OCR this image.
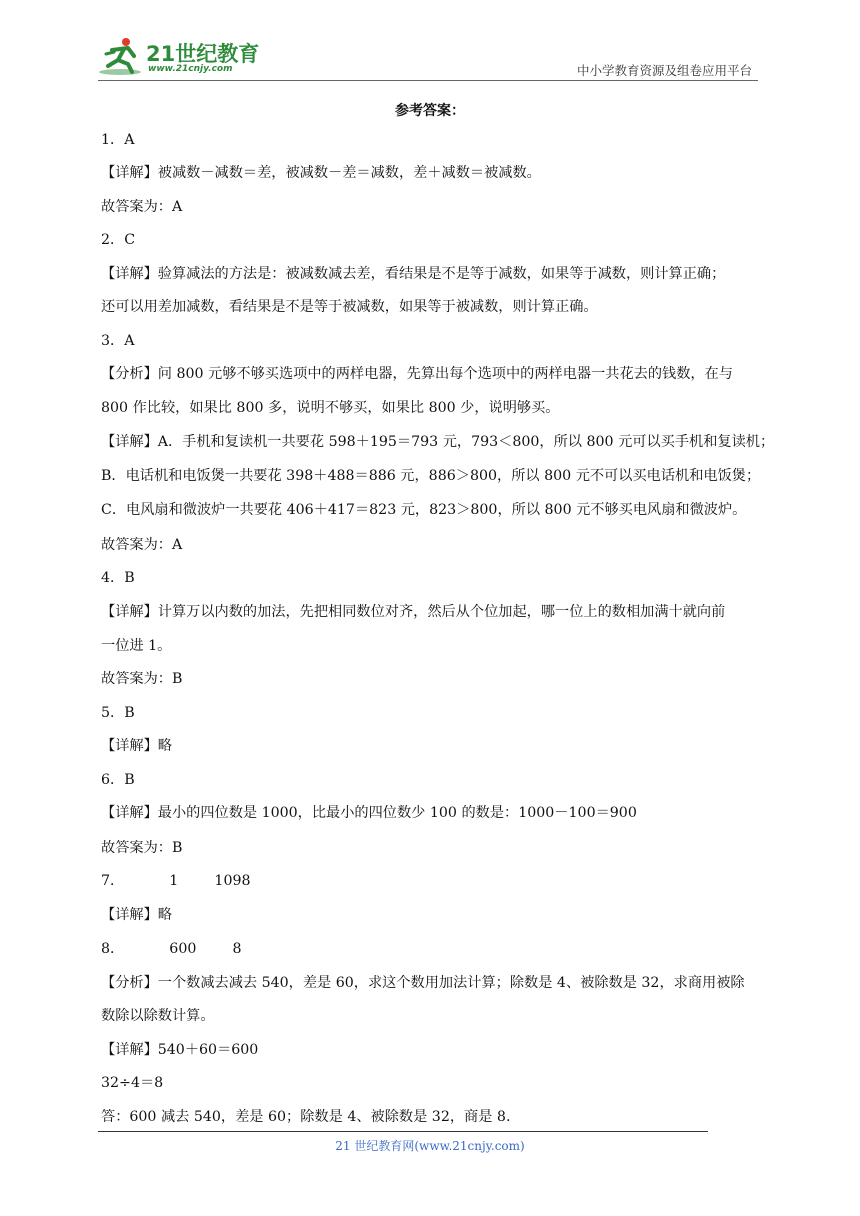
21世纪教育
www.21cnjy.com	中小学教育资源及组卷应用平台
参考答案：
1．A
【详解】被减数－减数＝差，被减数－差＝减数，差＋减数＝被减数。
故答案为：A
2．C
【详解】验算减法的方法是：被减数减去差，看结果是不是等于减数，如果等于减数，则计算正确；
还可以用差加减数，看结果是不是等于被减数，如果等于被减数，则计算正确。
3．A
【分析】问 800 元够不够买选项中的两样电器，先算出每个选项中的两样电器一共花去的钱数，在与
800 作比较，如果比 800 多，说明不够买，如果比 800 少，说明够买。
【详解】A．手机和复读机一共要花 598＋195＝793 元，793＜800，所以 800 元可以买手机和复读机；
B．电话机和电饭煲一共要花 398＋488＝886 元，886＞800，所以 800 元不可以买电话机和电饭煲；
C．电风扇和微波炉一共要花 406＋417＝823 元，823＞800，所以 800 元不够买电风扇和微波炉。
故答案为：A
4．B
【详解】计算万以内数的加法，先把相同数位对齐，然后从个位加起，哪一位上的数相加满十就向前
一位进 1。
故答案为：B
5．B
【详解】略
6．B
【详解】最小的四位数是 1000，比最小的四位数少 100 的数是：1000－100＝900
故答案为：B
7．          1        1098
【详解】略
8．          600        8
【分析】一个数减去减去 540，差是 60，求这个数用加法计算；除数是 4、被除数是 32，求商用被除
数除以除数计算。
【详解】540＋60＝600
32÷4＝8
答：600 减去 540，差是 60；除数是 4、被除数是 32，商是 8.
21 世纪教育网(www.21cnjy.com)
